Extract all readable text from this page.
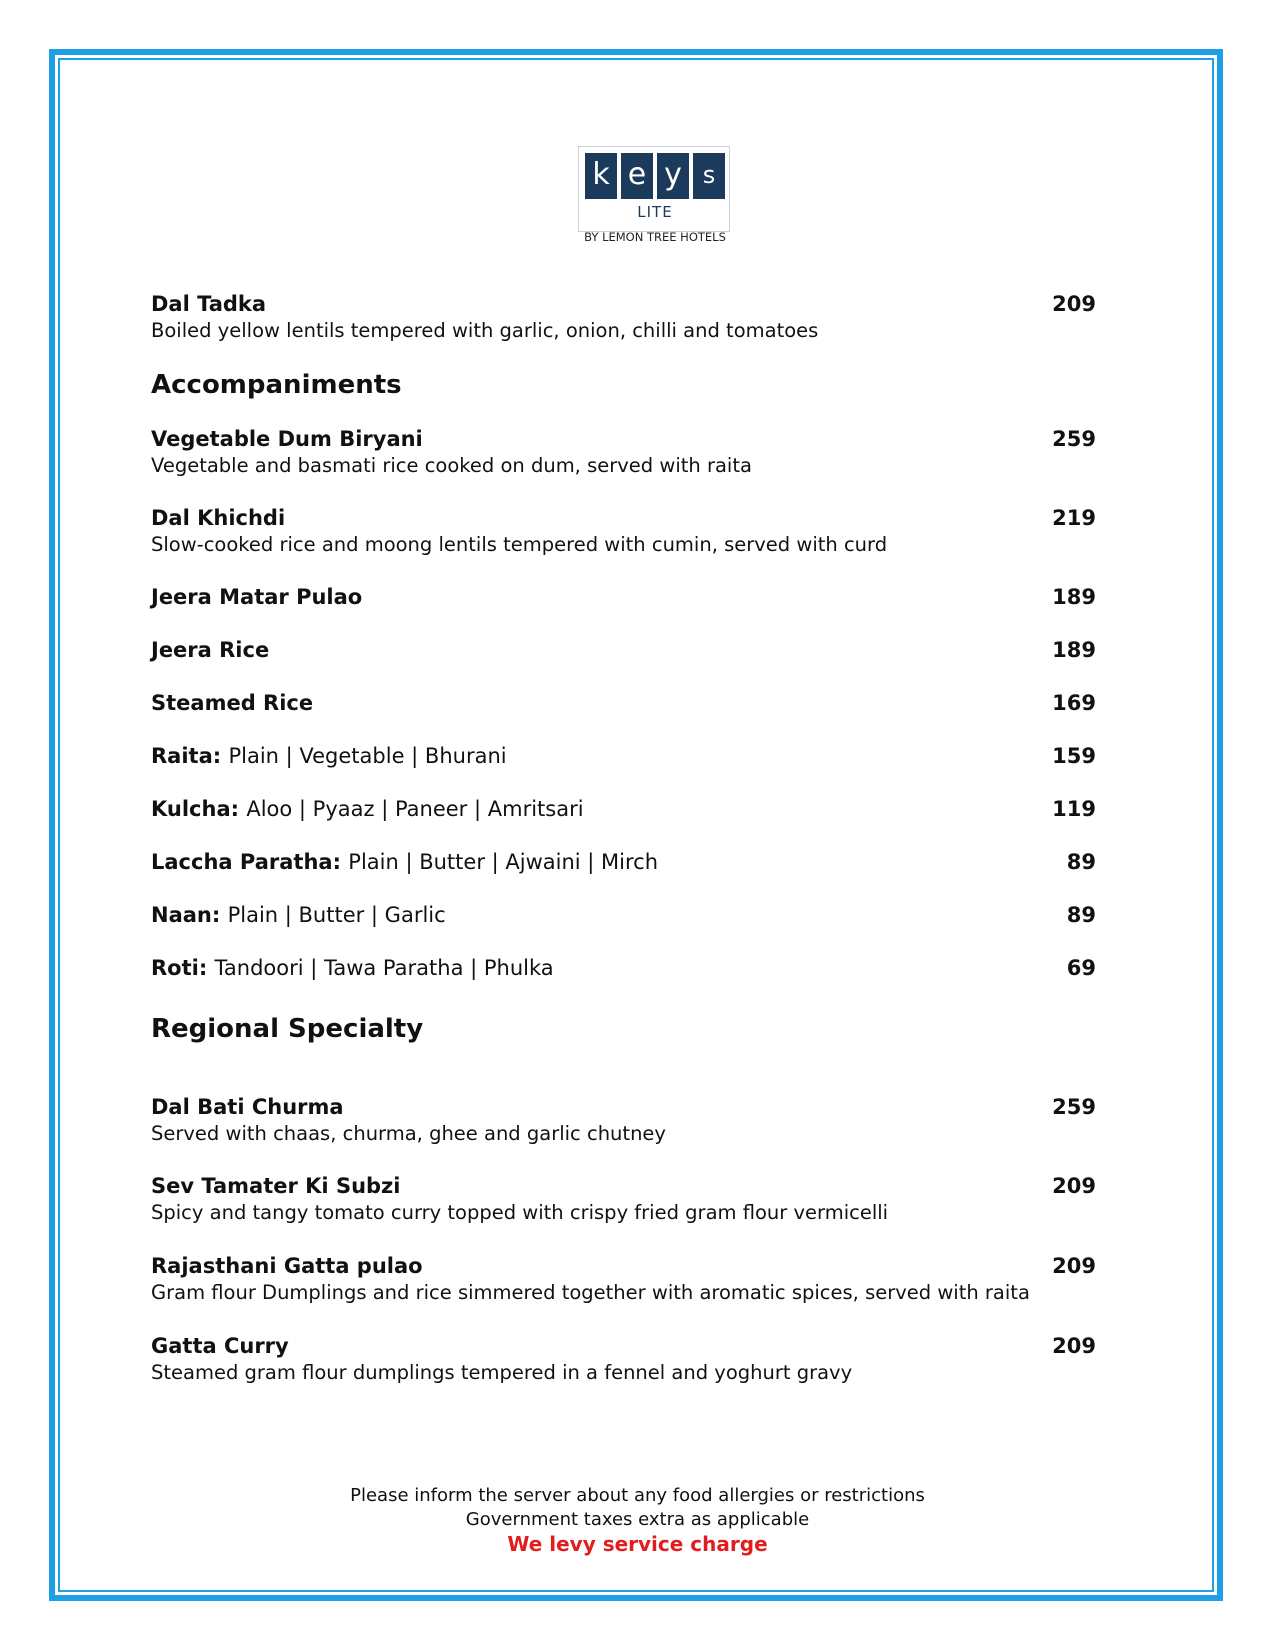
k e y s
LITE
BY LEMON TREE HOTELS
Dal Tadka
Boiled yellow lentils tempered with garlic, onion, chilli and tomatoes
209
Accompaniments
Vegetable Dum Biryani
Vegetable and basmati rice cooked on dum, served with raita
259
Dal Khichdi
Slow-cooked rice and moong lentils tempered with cumin, served with curd
219
Jeera Matar Pulao	189
Jeera Rice	189
Steamed Rice	169
Raita: Plain | Vegetable | Bhurani	159
Kulcha: Aloo | Pyaaz | Paneer | Amritsari	119
Laccha Paratha: Plain | Butter | Ajwaini | Mirch	89
Naan: Plain | Butter | Garlic	89
Roti: Tandoori | Tawa Paratha | Phulka	69
Regional Specialty
Dal Bati Churma
Served with chaas, churma, ghee and garlic chutney
259
Sev Tamater Ki Subzi
Spicy and tangy tomato curry topped with crispy fried gram flour vermicelli
209
Rajasthani Gatta pulao
Gram flour Dumplings and rice simmered together with aromatic spices, served with raita
209
Gatta Curry
Steamed gram flour dumplings tempered in a fennel and yoghurt gravy
209
Please inform the server about any food allergies or restrictions
Government taxes extra as applicable
We levy service charge
